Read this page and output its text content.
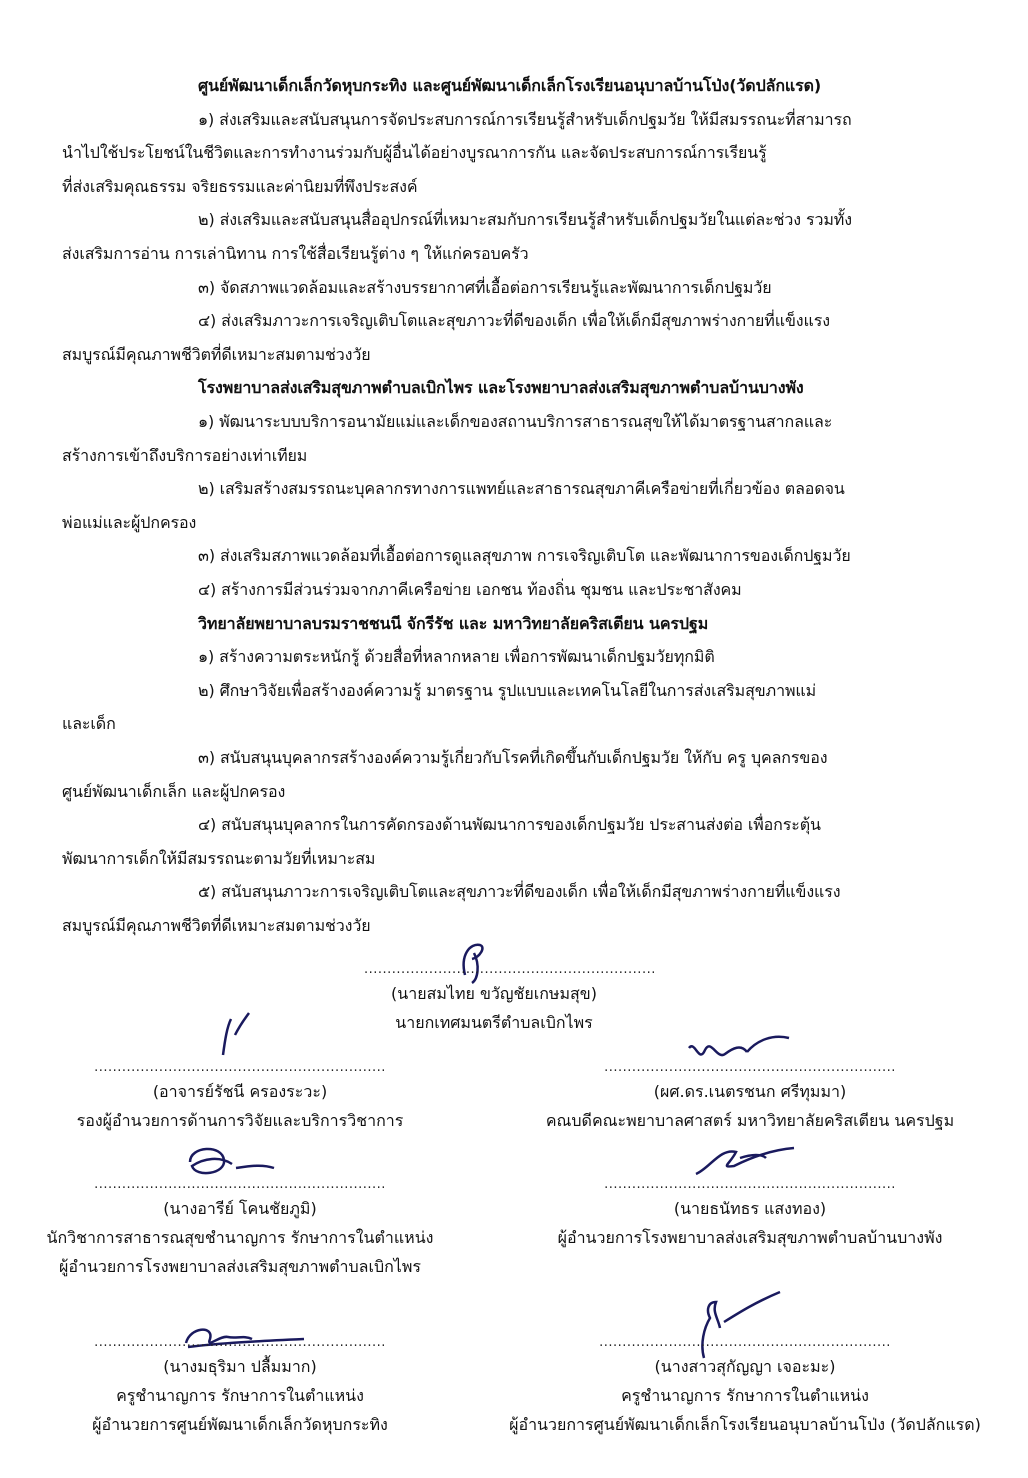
ศูนย์พัฒนาเด็กเล็กวัดหุบกระทิง และศูนย์พัฒนาเด็กเล็กโรงเรียนอนุบาลบ้านโป่ง(วัดปลักแรด)
๑) ส่งเสริมและสนับสนุนการจัดประสบการณ์การเรียนรู้สำหรับเด็กปฐมวัย ให้มีสมรรถนะที่สามารถ
นำไปใช้ประโยชน์ในชีวิตและการทำงานร่วมกับผู้อื่นได้อย่างบูรณาการกัน และจัดประสบการณ์การเรียนรู้
ที่ส่งเสริมคุณธรรม จริยธรรมและค่านิยมที่พึงประสงค์
๒) ส่งเสริมและสนับสนุนสื่ออุปกรณ์ที่เหมาะสมกับการเรียนรู้สำหรับเด็กปฐมวัยในแต่ละช่วง รวมทั้ง
ส่งเสริมการอ่าน การเล่านิทาน การใช้สื่อเรียนรู้ต่าง ๆ ให้แก่ครอบครัว
๓) จัดสภาพแวดล้อมและสร้างบรรยากาศที่เอื้อต่อการเรียนรู้และพัฒนาการเด็กปฐมวัย
๔) ส่งเสริมภาวะการเจริญเติบโตและสุขภาวะที่ดีของเด็ก เพื่อให้เด็กมีสุขภาพร่างกายที่แข็งแรง
สมบูรณ์มีคุณภาพชีวิตที่ดีเหมาะสมตามช่วงวัย
โรงพยาบาลส่งเสริมสุขภาพตำบลเบิกไพร และโรงพยาบาลส่งเสริมสุขภาพตำบลบ้านบางพัง
๑) พัฒนาระบบบริการอนามัยแม่และเด็กของสถานบริการสาธารณสุขให้ได้มาตรฐานสากลและ
สร้างการเข้าถึงบริการอย่างเท่าเทียม
๒) เสริมสร้างสมรรถนะบุคลากรทางการแพทย์และสาธารณสุขภาคีเครือข่ายที่เกี่ยวข้อง ตลอดจน
พ่อแม่และผู้ปกครอง
๓) ส่งเสริมสภาพแวดล้อมที่เอื้อต่อการดูแลสุขภาพ การเจริญเติบโต และพัฒนาการของเด็กปฐมวัย
๔) สร้างการมีส่วนร่วมจากภาคีเครือข่าย เอกชน ท้องถิ่น ชุมชน และประชาสังคม
วิทยาลัยพยาบาลบรมราชชนนี จักรีรัช และ มหาวิทยาลัยคริสเตียน นครปฐม
๑) สร้างความตระหนักรู้ ด้วยสื่อที่หลากหลาย เพื่อการพัฒนาเด็กปฐมวัยทุกมิติ
๒) ศึกษาวิจัยเพื่อสร้างองค์ความรู้ มาตรฐาน รูปแบบและเทคโนโลยีในการส่งเสริมสุขภาพแม่
และเด็ก
๓) สนับสนุนบุคลากรสร้างองค์ความรู้เกี่ยวกับโรคที่เกิดขึ้นกับเด็กปฐมวัย ให้กับ ครู บุคลกรของ
ศูนย์พัฒนาเด็กเล็ก และผู้ปกครอง
๔) สนับสนุนบุคลากรในการคัดกรองด้านพัฒนาการของเด็กปฐมวัย ประสานส่งต่อ เพื่อกระตุ้น
พัฒนาการเด็กให้มีสมรรถนะตามวัยที่เหมาะสม
๕) สนับสนุนภาวะการเจริญเติบโตและสุขภาวะที่ดีของเด็ก เพื่อให้เด็กมีสุขภาพร่างกายที่แข็งแรง
สมบูรณ์มีคุณภาพชีวิตที่ดีเหมาะสมตามช่วงวัย
...............................................................
(นายสมไทย ขวัญชัยเกษมสุข)
นายกเทศมนตรีตำบลเบิกไพร
...............................................................
(อาจารย์รัชนี ครองระวะ)
รองผู้อำนวยการด้านการวิจัยและบริการวิชาการ
...............................................................
(ผศ.ดร.เนตรชนก ศรีทุมมา)
คณบดีคณะพยาบาลศาสตร์ มหาวิทยาลัยคริสเตียน นครปฐม
...............................................................
(นางอารีย์ โคนชัยภูมิ)
นักวิชาการสาธารณสุขชำนาญการ รักษาการในตำแหน่ง
ผู้อำนวยการโรงพยาบาลส่งเสริมสุขภาพตำบลเบิกไพร
...............................................................
(นายธนัทธร แสงทอง)
ผู้อำนวยการโรงพยาบาลส่งเสริมสุขภาพตำบลบ้านบางพัง
...............................................................
(นางมธุริมา ปลื้มมาก)
ครูชำนาญการ รักษาการในตำแหน่ง
ผู้อำนวยการศูนย์พัฒนาเด็กเล็กวัดหุบกระทิง
...............................................................
(นางสาวสุกัญญา เจอะมะ)
ครูชำนาญการ รักษาการในตำแหน่ง
ผู้อำนวยการศูนย์พัฒนาเด็กเล็กโรงเรียนอนุบาลบ้านโป่ง (วัดปลักแรด)
